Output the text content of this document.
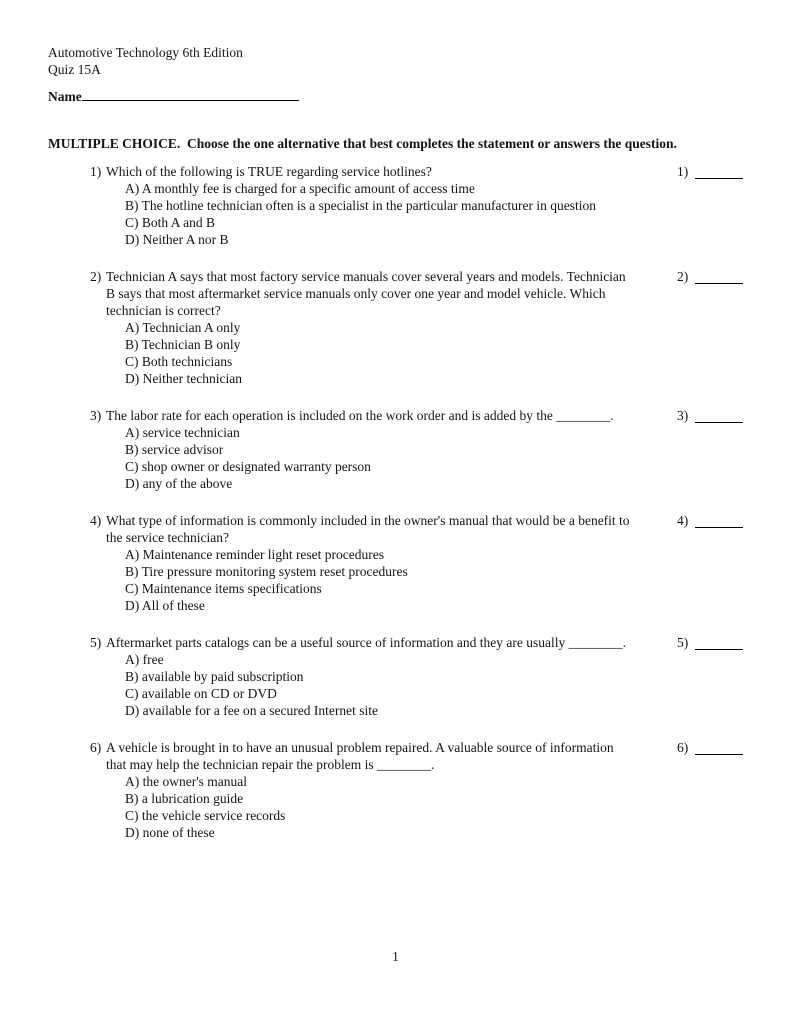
Automotive Technology 6th Edition
Quiz 15A
Name
MULTIPLE CHOICE.  Choose the one alternative that best completes the statement or answers the question.
1) Which of the following is TRUE regarding service hotlines?
A) A monthly fee is charged for a specific amount of access time
B) The hotline technician often is a specialist in the particular manufacturer in question
C) Both A and B
D) Neither A nor B
1)
2) Technician A says that most factory service manuals cover several years and models. Technician B says that most aftermarket service manuals only cover one year and model vehicle. Which technician is correct?
A) Technician A only
B) Technician B only
C) Both technicians
D) Neither technician
2)
3) The labor rate for each operation is included on the work order and is added by the ________.
A) service technician
B) service advisor
C) shop owner or designated warranty person
D) any of the above
3)
4) What type of information is commonly included in the owner's manual that would be a benefit to the service technician?
A) Maintenance reminder light reset procedures
B) Tire pressure monitoring system reset procedures
C) Maintenance items specifications
D) All of these
4)
5) Aftermarket parts catalogs can be a useful source of information and they are usually ________.
A) free
B) available by paid subscription
C) available on CD or DVD
D) available for a fee on a secured Internet site
5)
6) A vehicle is brought in to have an unusual problem repaired. A valuable source of information that may help the technician repair the problem is ________.
A) the owner's manual
B) a lubrication guide
C) the vehicle service records
D) none of these
6)
1
